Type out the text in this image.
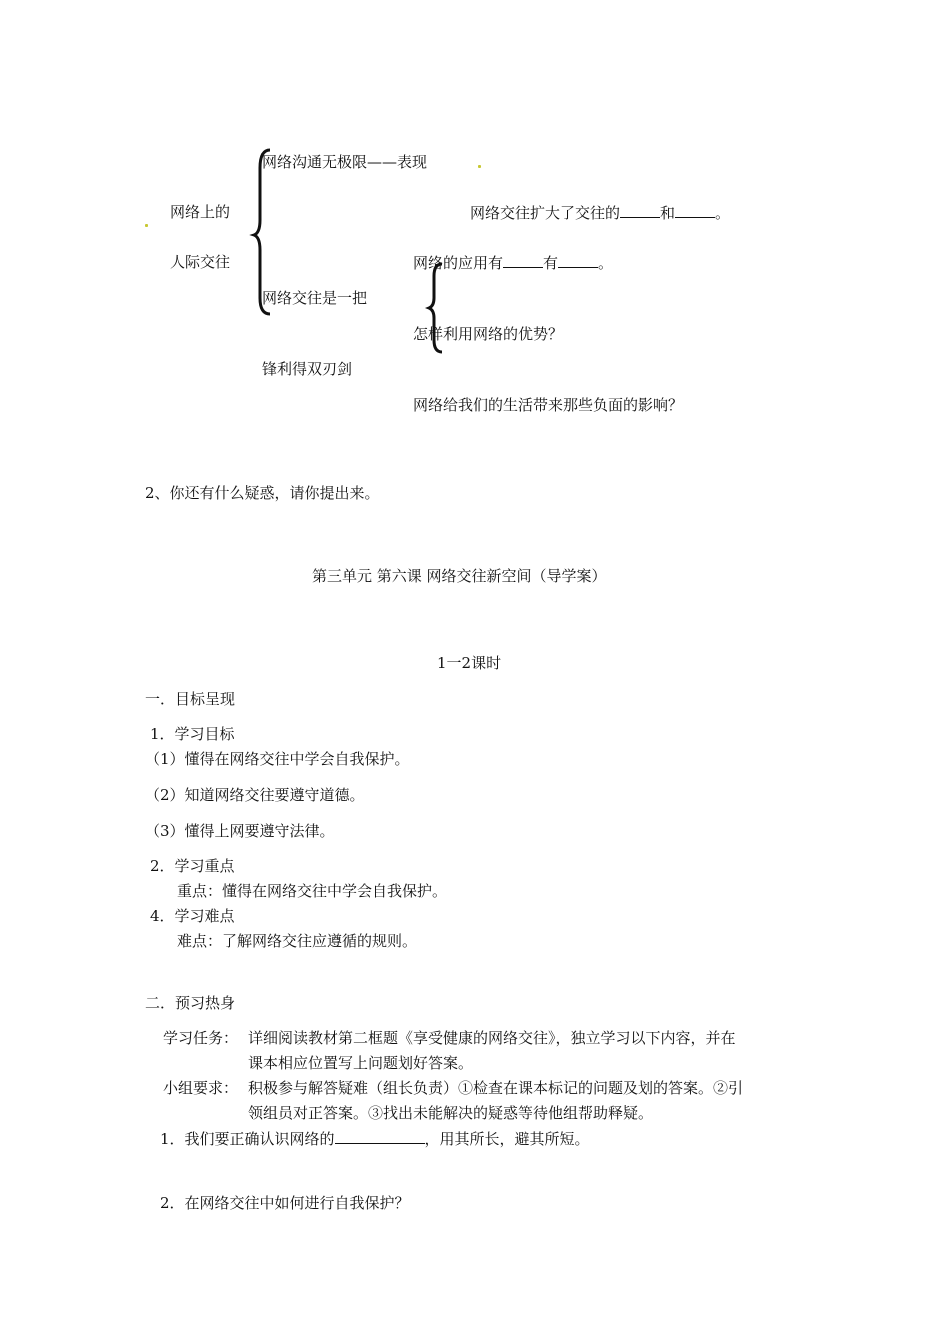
网络上的
人际交往
网络沟通无极限——表现
网络交往扩大了交往的	和	。
网络交往是一把
锋利得双刃剑
网络的应用有	有	。
怎样利用网络的优势？
网络给我们的生活带来那些负面的影响？
2、你还有什么疑惑，请你提出来。
第三单元 第六课 网络交往新空间（导学案）
1一2课时
一．目标呈现
1．学习目标
（1）懂得在网络交往中学会自我保护。
（2）知道网络交往要遵守道德。
（3）懂得上网要遵守法律。
2．学习重点
重点：懂得在网络交往中学会自我保护。
4．学习难点
难点：了解网络交往应遵循的规则。
二．预习热身
学习任务： 详细阅读教材第二框题《享受健康的网络交往》，独立学习以下内容，并在
课本相应位置写上问题划好答案。
小组要求： 积极参与解答疑难（组长负责）①检查在课本标记的问题及划的答案。②引
领组员对正答案。③找出未能解决的疑惑等待他组帮助释疑。
1．我们要正确认识网络的	，用其所长，避其所短。
2．在网络交往中如何进行自我保护？
